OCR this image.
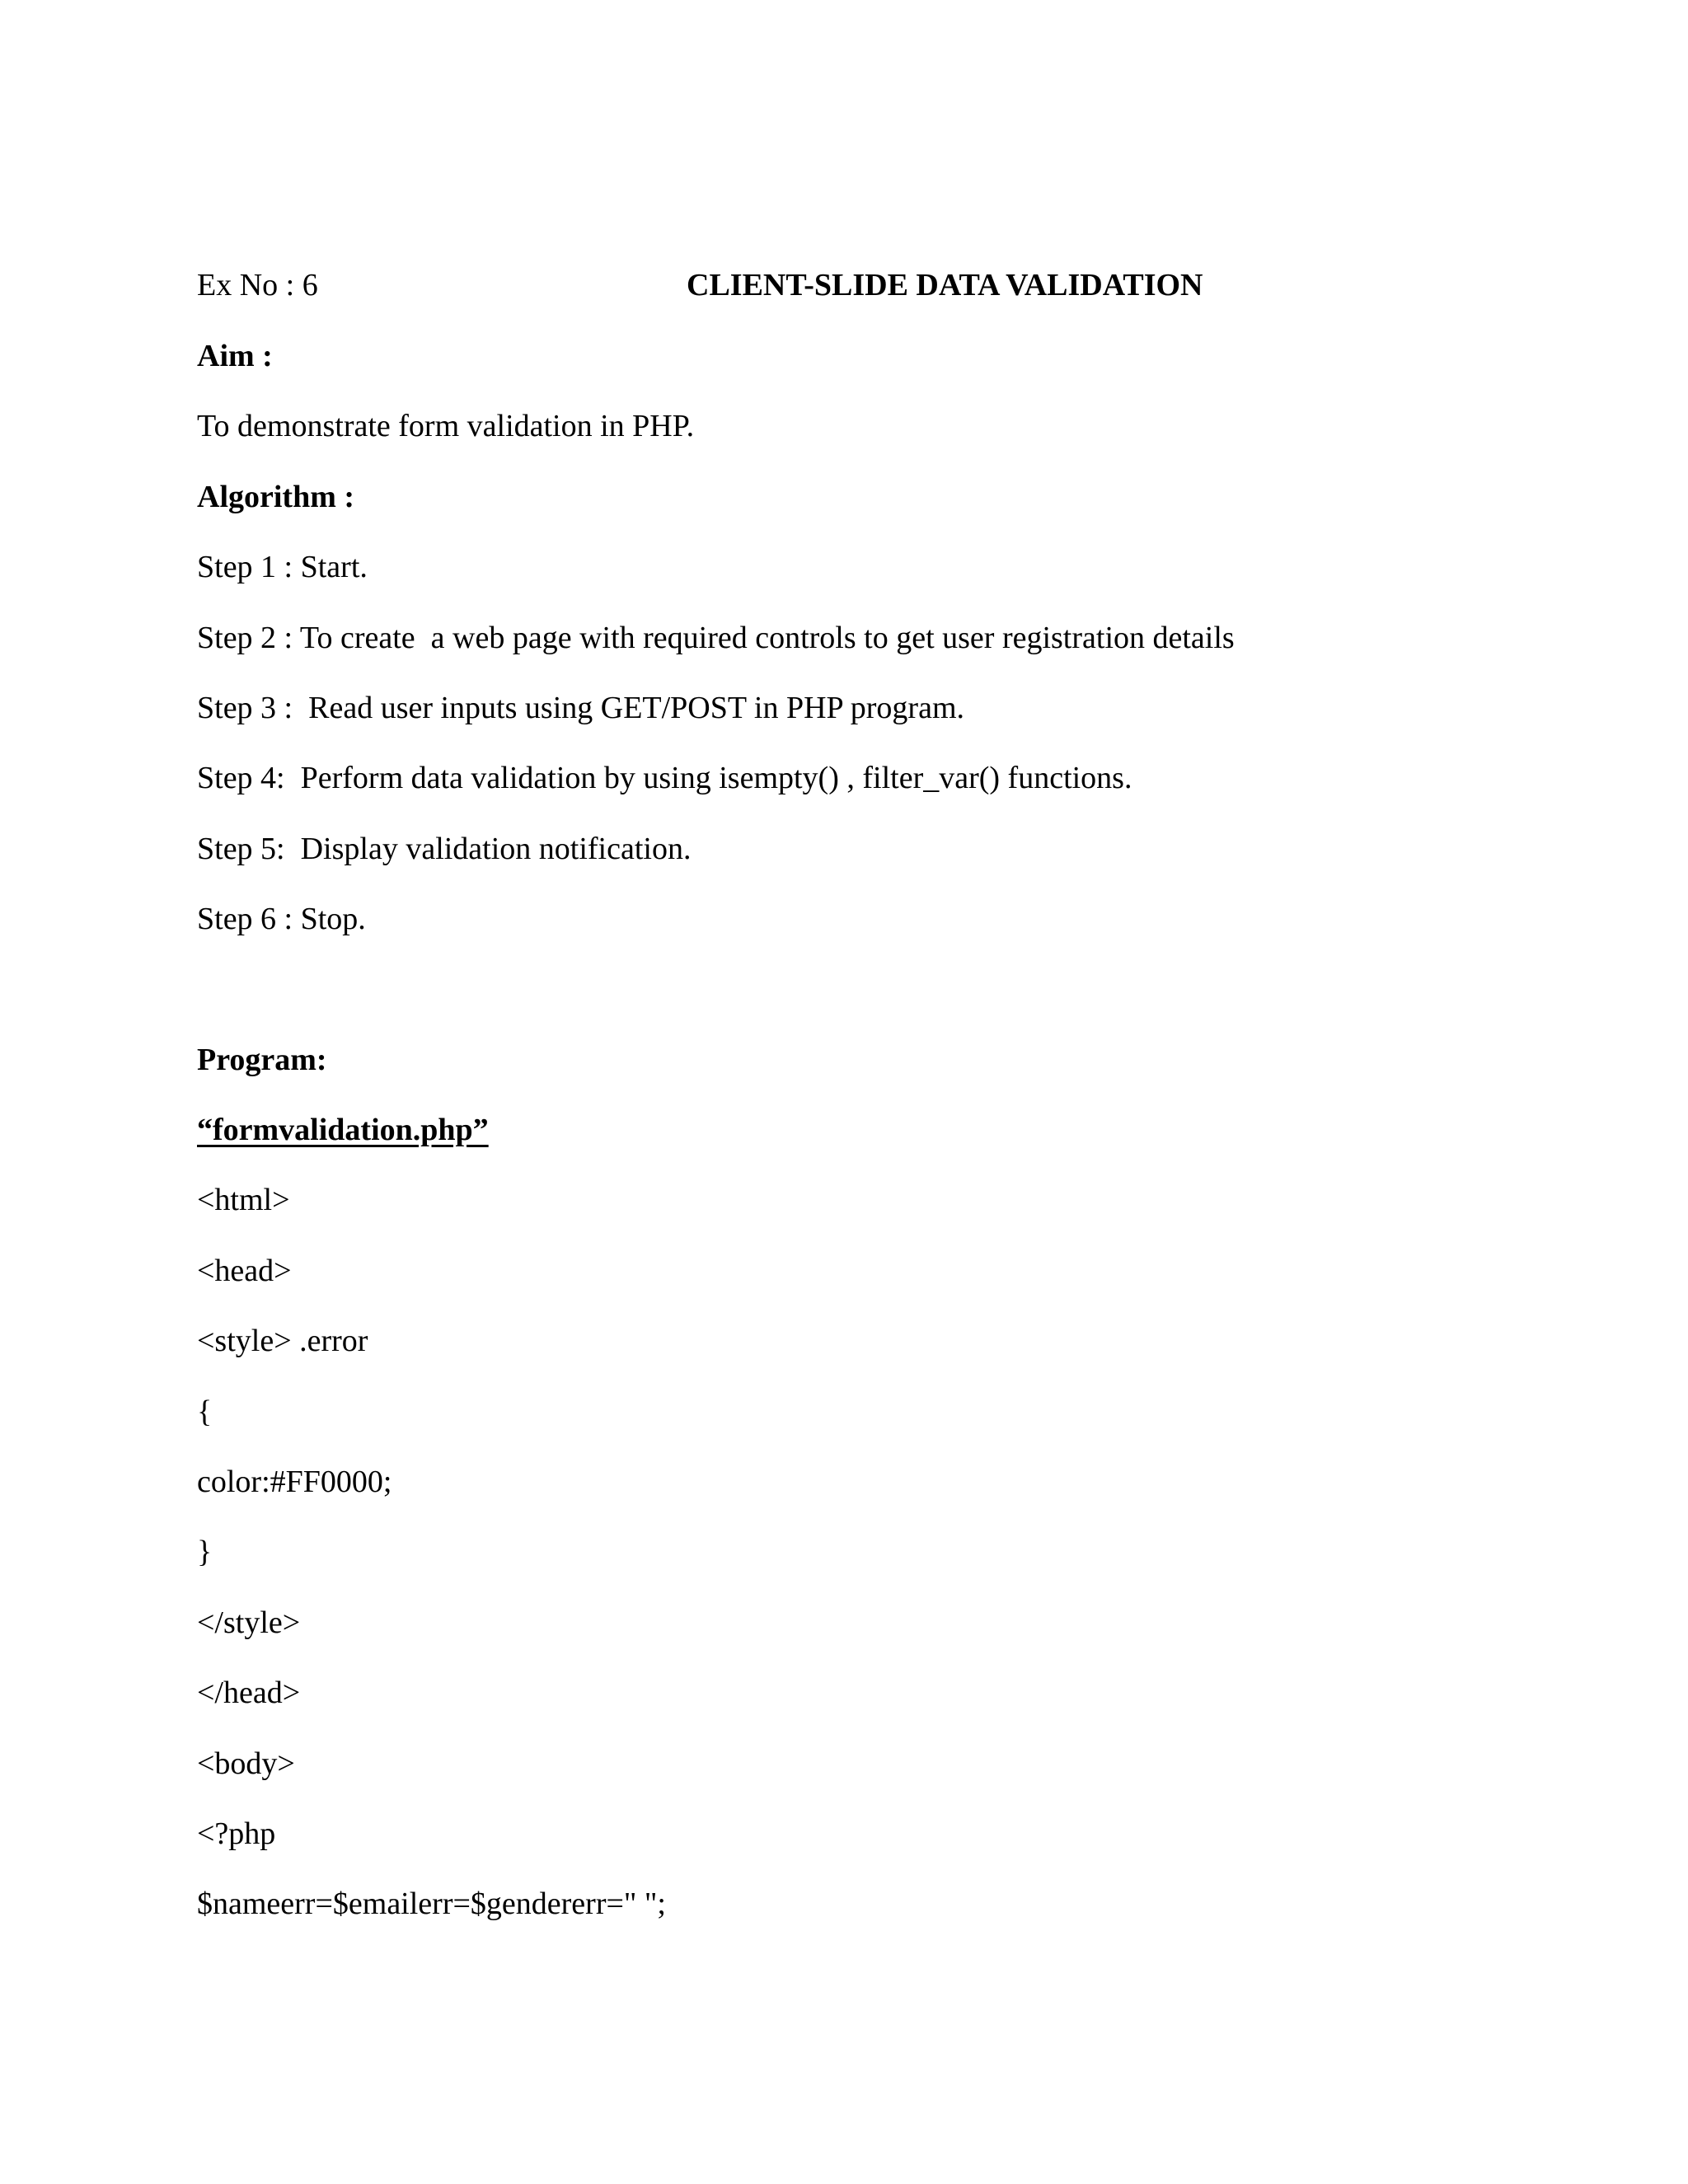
Ex No : 6	CLIENT-SLIDE DATA VALIDATION
Aim :
To demonstrate form validation in PHP.
Algorithm :
Step 1 : Start.
Step 2 : To create  a web page with required controls to get user registration details
Step 3 :  Read user inputs using GET/POST in PHP program.
Step 4:  Perform data validation by using isempty() , filter_var() functions.
Step 5:  Display validation notification.
Step 6 : Stop.
Program:
“formvalidation.php”
<html>
<head>
<style> .error
{
color:#FF0000;
}
</style>
</head>
<body>
<?php
$nameerr=$emailerr=$gendererr=" ";
